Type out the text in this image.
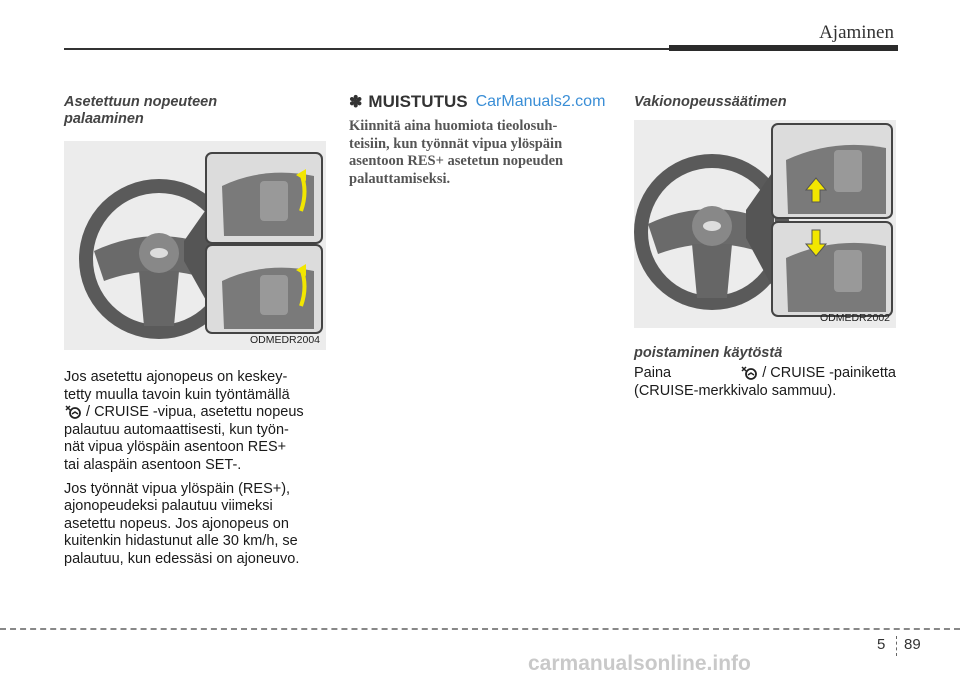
Ajaminen
Asetettuun nopeuteen
palaaminen
ODMEDR2004
Jos asetettu ajonopeus on keskey-
tetty muulla tavoin kuin työntämällä
/ CRUISE -vipua, asetettu nopeus
palautuu automaattisesti, kun työn-
nät vipua ylöspäin asentoon RES+
tai alaspäin asentoon SET-.
Jos työnnät vipua ylöspäin (RES+),
ajonopeudeksi palautuu viimeksi
asetettu nopeus. Jos ajonopeus on
kuitenkin hidastunut alle 30 km/h, se
palautuu, kun edessäsi on ajoneuvo.
✽ MUISTUTUS CarManuals2.com
Kiinnitä aina huomiota tieolosuh-
teisiin, kun työnnät vipua ylöspäin
asentoon RES+ asetetun nopeuden
palauttamiseksi.
Vakionopeussäätimen
ODMEDR2002
poistaminen käytöstä
Paina	/ CRUISE -painiketta
(CRUISE-merkkivalo sammuu).
5 89
carmanualsonline.info
